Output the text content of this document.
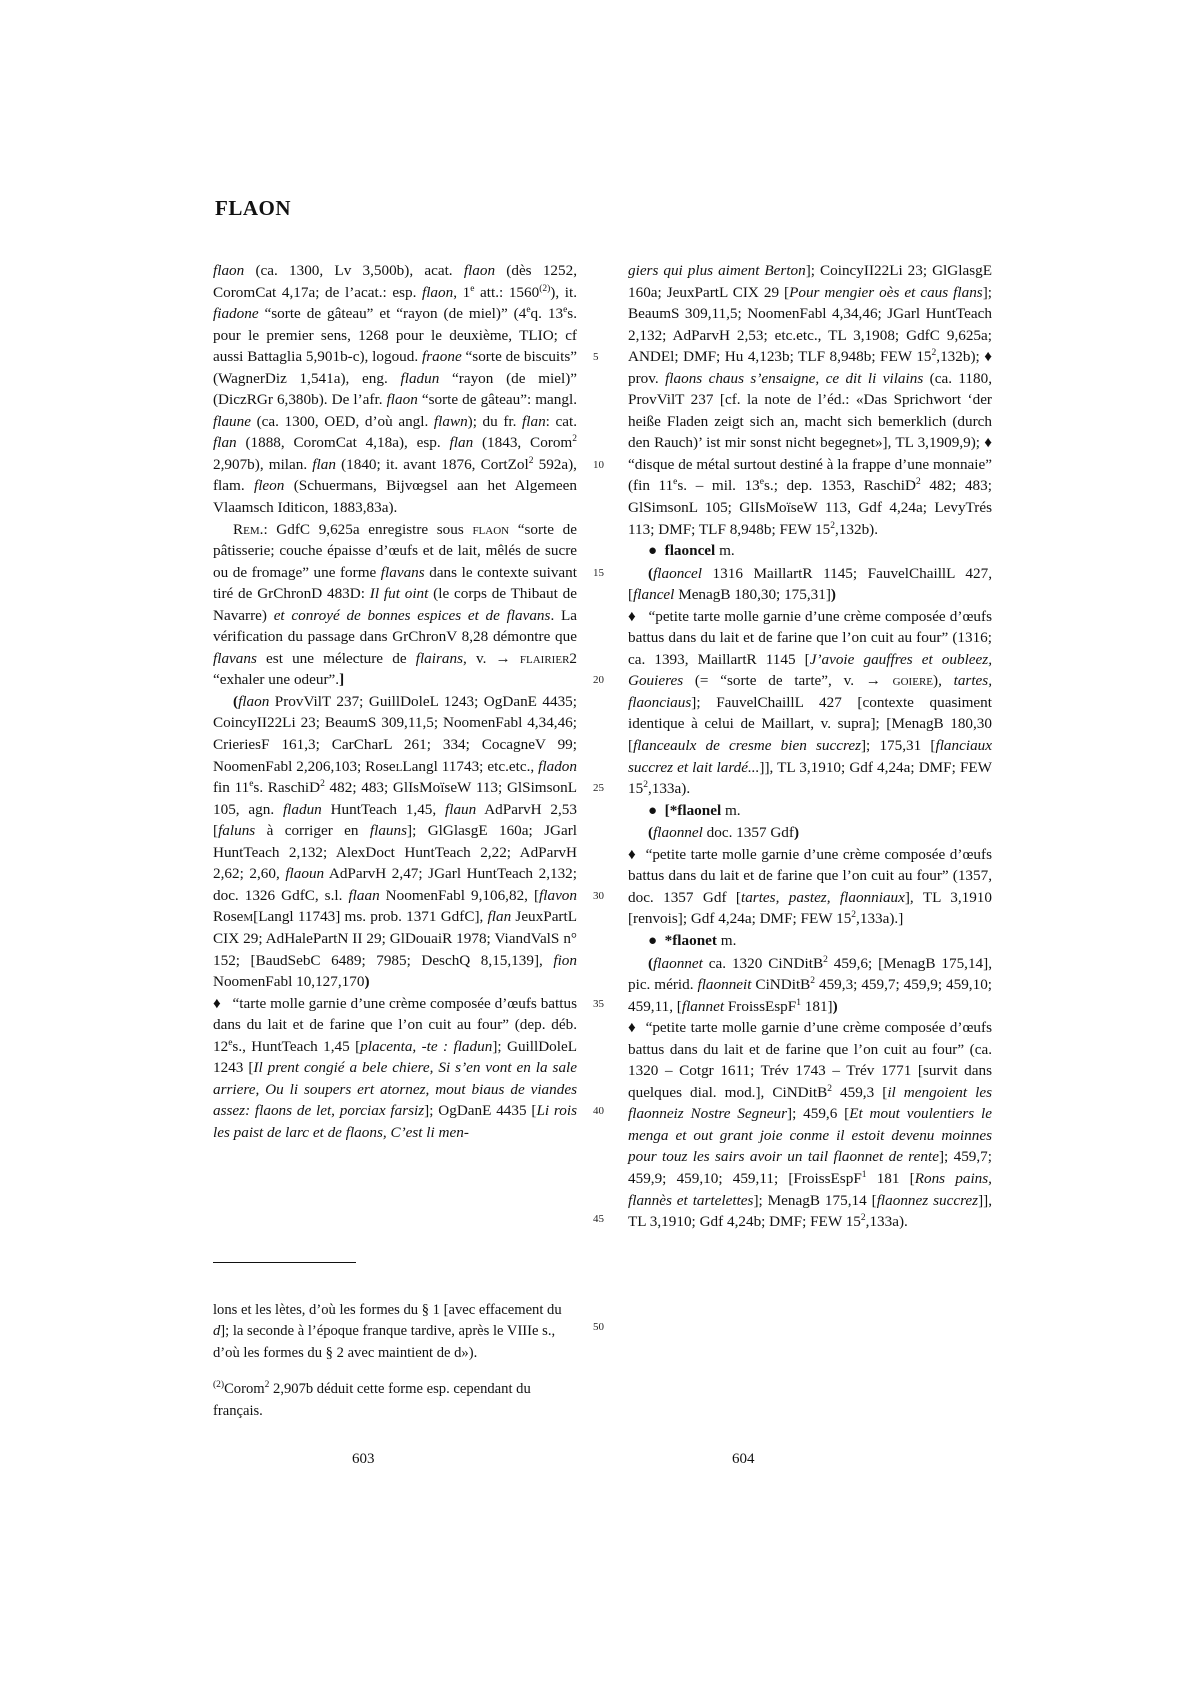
FLAON

flaon (ca. 1300, Lv 3,500b), acat. flaon (dès 1252, CoromCat 4,17a; de l’acat.: esp. flaon, 1e att.: 1560$^{(2)}$), it. fiadone “sorte de gâteau” et “rayon (de miel)” (4eq. 13es. pour le premier sens, 1268 pour le deuxième, TLIO; cf aussi Battaglia 5,901b-c), logoud. fraone “sorte de biscuits” (WagnerDiz 1,541a), eng. fladun “rayon (de miel)” (DiczRGr 6,380b). De l’afr. flaon “sorte de gâteau”: mangl. flaune (ca. 1300, OED, d’où angl. flawn); du fr. flan: cat. flan (1888, CoromCat 4,18a), esp. flan (1843, Corom$^2$ 2,907b), milan. flan (1840; it. avant 1876, CortZol$^2$ 592a), flam. fleon (Schuermans, Bijvœgsel aan het Algemeen Vlaamsch Iditicon, 1883,83a).

Rem.: GdfC 9,625a enregistre sous flaon “sorte de pâtisserie; couche épaisse d’œufs et de lait, mêlés de sucre ou de fromage” une forme flavans dans le contexte suivant tiré de GrChronD 483D: Il fut oint (le corps de Thibaut de Navarre) et conroyé de bonnes espices et de flavans. La vérification du passage dans GrChronV 8,28 démontre que flavans est une mélecture de flairans, v. → flairier2 “exhaler une odeur”.]

(flaon ProvVilT 237; GuillDoleL 1243; OgDanE 4435; CoincyII22Li 23; BeaumS 309,11,5; NoomenFabl 4,34,46; CrieriesF 161,3; CarCharL 261; 334; CocagneV 99; NoomenFabl 2,206,103; RoselLangl 11743; etc.etc., fladon fin 11es. RaschiD$^2$ 482; 483; GlIsMoïseW 113; GlSimsonL 105, agn. fladun HuntTeach 1,45, flaun AdParvH 2,53 [faluns à corriger en flauns]; GlGlasgE 160a; JGarl HuntTeach 2,132; AlexDoct HuntTeach 2,22; AdParvH 2,62; 2,60, flaoun AdParvH 2,47; JGarl HuntTeach 2,132; doc. 1326 GdfC, s.l. flaan NoomenFabl 9,106,82, [flavon Rosem[Langl 11743] ms. prob. 1371 GdfC], flan JeuxPartL CIX 29; AdHalePartN II 29; GlDouaiR 1978; ViandValS n° 152; [BaudSebC 6489; 7985; DeschQ 8,15,139], fion NoomenFabl 10,127,170)

♦   “tarte molle garnie d’une crème composée d’œufs battus dans du lait et de farine que l’on cuit au four” (dep. déb. 12es., HuntTeach 1,45 [placenta, -te : fladun]; GuillDoleL 1243 [Il prent congié a bele chiere, Si s’en vont en la sale arriere, Ou li soupers ert atornez, mout biaus de viandes assez: flaons de let, porciax farsiz]; OgDanE 4435 [Li rois les paist de larc et de flaons, C’est li men-

lons et les lètes, d’où les formes du § 1 [avec effacement du d]; la seconde à l’époque franque tardive, après le VIIIe s., d’où les formes du § 2 avec maintient de d»).

$^{(2)}$Corom$^2$ 2,907b déduit cette forme esp. cependant du français.

giers qui plus aiment Berton]; CoincyII22Li 23; GlGlasgE 160a; JeuxPartL CIX 29 [Pour mengier oès et caus flans]; BeaumS 309,11,5; NoomenFabl 4,34,46; JGarl HuntTeach 2,132; AdParvH 2,53; etc.etc., TL 3,1908; GdfC 9,625a; ANDEl; DMF; Hu 4,123b; TLF 8,948b; FEW $15^2,132b$); ♦ prov. flaons chaus s’ensaigne, ce dit li vilains (ca. 1180, ProvVilT 237 [cf. la note de l’éd.: «Das Sprichwort ‘der heiße Fladen zeigt sich an, macht sich bemerklich (durch den Rauch)’ ist mir sonst nicht begegnet»], TL 3,1909,9); ♦ “disque de métal surtout destiné à la frappe d’une monnaie” (fin 11es. – mil. 13es.; dep. 1353, RaschiD$^2$ 482; 483; GlSimsonL 105; GlIsMoïseW 113, Gdf 4,24a; LevyTrés 113; DMF; TLF 8,948b; FEW $15^2,132b$).

● flaoncel m.

(flaoncel 1316 MaillartR 1145; FauvelChaillL 427, [flancel MenagB 180,30; 175,31])

♦   “petite tarte molle garnie d’une crème composée d’œufs battus dans du lait et de farine que l’on cuit au four” (1316; ca. 1393, MaillartR 1145 [J’avoie gauffres et oubleez, Gouieres (= “sorte de tarte”, v. → goiere), tartes, flaonciaus]; FauvelChaillL 427 [contexte quasiment identique à celui de Maillart, v. supra]; [MenagB 180,30 [flanceaulx de cresme bien succrez]; 175,31 [flanciaux succrez et lait lardé...]], TL 3,1910; Gdf 4,24a; DMF; FEW $15^2,133a$).

● [*flaonel m.

(flaonnel doc. 1357 Gdf)

♦  “petite tarte molle garnie d’une crème composée d’œufs battus dans du lait et de farine que l’on cuit au four” (1357, doc. 1357 Gdf [tartes, pastez, flaonniaux], TL 3,1910 [renvois]; Gdf 4,24a; DMF; FEW $15^2,133a$).]

● *flaonet m.

(flaonnet ca. 1320 CiNDitB$^2$ 459,6; [MenagB 175,14], pic. mérid. flaonneit CiNDitB$^2$ 459,3; 459,7; 459,9; 459,10; 459,11, [flannet FroissEspF$^1$ 181])

♦  “petite tarte molle garnie d’une crème composée d’œufs battus dans du lait et de farine que l’on cuit au four” (ca. 1320 – Cotgr 1611; Trév 1743 – Trév 1771 [survit dans quelques dial. mod.], CiNDitB$^2$ 459,3 [il mengoient les flaonneiz Nostre Segneur]; 459,6 [Et mout voulentiers le menga et out grant joie conme il estoit devenu moinnes pour touz les sairs avoir un tail flaonnet de rente]; 459,7; 459,9; 459,10; 459,11; [FroissEspF$^1$ 181 [Rons pains, flannès et tartelettes]; MenagB 175,14 [flaonnez succrez]], TL 3,1910; Gdf 4,24b; DMF; FEW $15^2,133a$).

5
10
15
20
25
30
35
40
45
50
603	604
